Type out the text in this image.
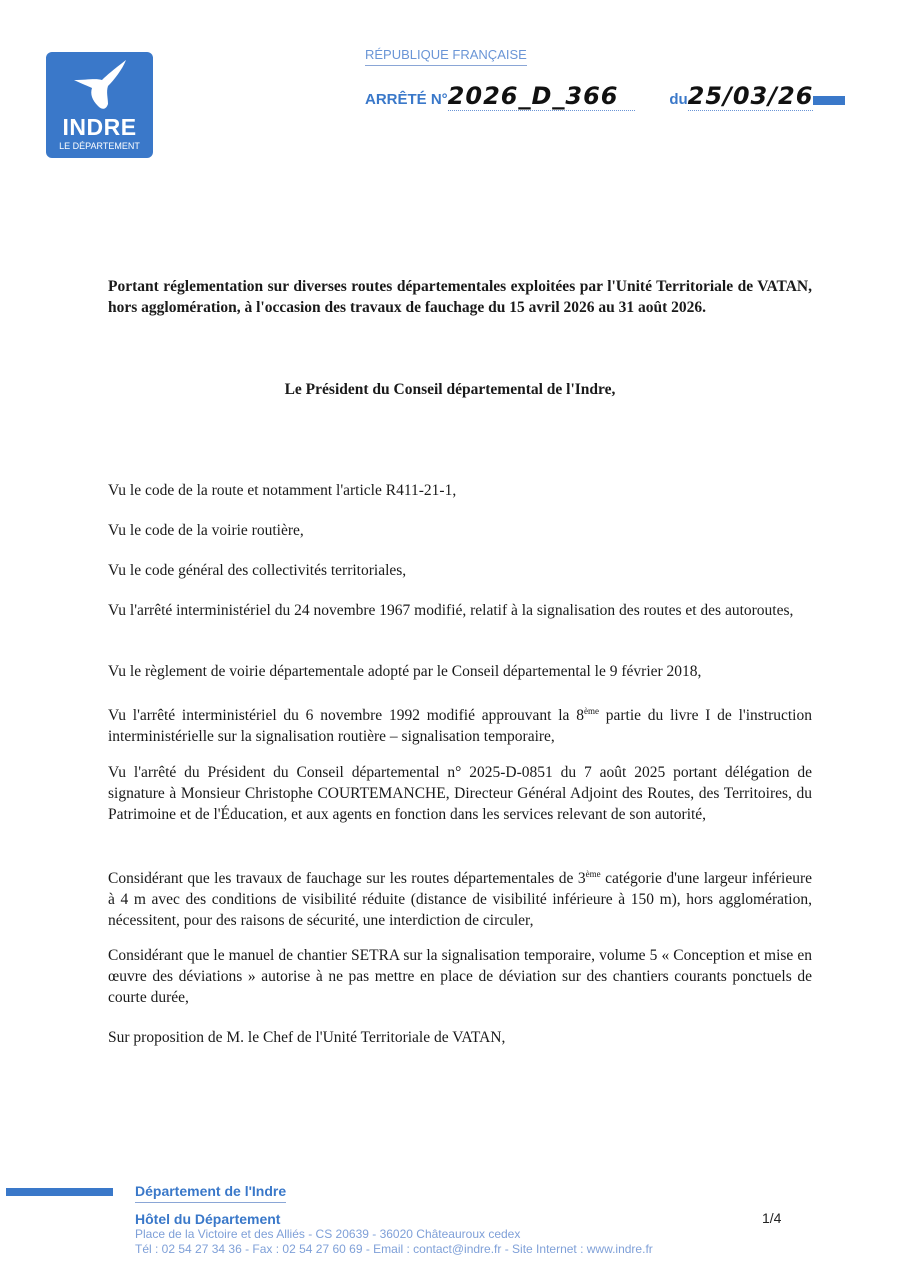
INDRE
LE DÉPARTEMENT
RÉPUBLIQUE FRANÇAISE
ARRÊTÉ N°2026_D_366	du25/03/26
Portant réglementation sur diverses routes départementales exploitées par l'Unité Territoriale de VATAN, hors agglomération, à l'occasion des travaux de fauchage du 15 avril 2026 au 31 août 2026.
Le Président du Conseil départemental de l'Indre,
Vu le code de la route et notamment l'article R411-21-1,
Vu le code de la voirie routière,
Vu le code général des collectivités territoriales,
Vu l'arrêté interministériel du 24 novembre 1967 modifié, relatif à la signalisation des routes et des autoroutes,
Vu le règlement de voirie départementale adopté par le Conseil départemental le 9 février 2018,
Vu l'arrêté interministériel du 6 novembre 1992 modifié approuvant la 8ème partie du livre I de l'instruction interministérielle sur la signalisation routière – signalisation temporaire,
Vu l'arrêté du Président du Conseil départemental n° 2025-D-0851 du 7 août 2025 portant délégation de signature à Monsieur Christophe COURTEMANCHE, Directeur Général Adjoint des Routes, des Territoires, du Patrimoine et de l'Éducation, et aux agents en fonction dans les services relevant de son autorité,
Considérant que les travaux de fauchage sur les routes départementales de 3ème catégorie d'une largeur inférieure à 4 m avec des conditions de visibilité réduite (distance de visibilité inférieure à 150 m), hors agglomération, nécessitent, pour des raisons de sécurité, une interdiction de circuler,
Considérant que le manuel de chantier SETRA sur la signalisation temporaire, volume 5 « Conception et mise en œuvre des déviations » autorise à ne pas mettre en place de déviation sur des chantiers courants ponctuels de courte durée,
Sur proposition de M. le Chef de l'Unité Territoriale de VATAN,
Département de l'Indre
Hôtel du Département
Place de la Victoire et des Alliés - CS 20639 - 36020 Châteauroux cedex
Tél : 02 54 27 34 36 - Fax : 02 54 27 60 69 - Email : contact@indre.fr - Site Internet : www.indre.fr
1/4
